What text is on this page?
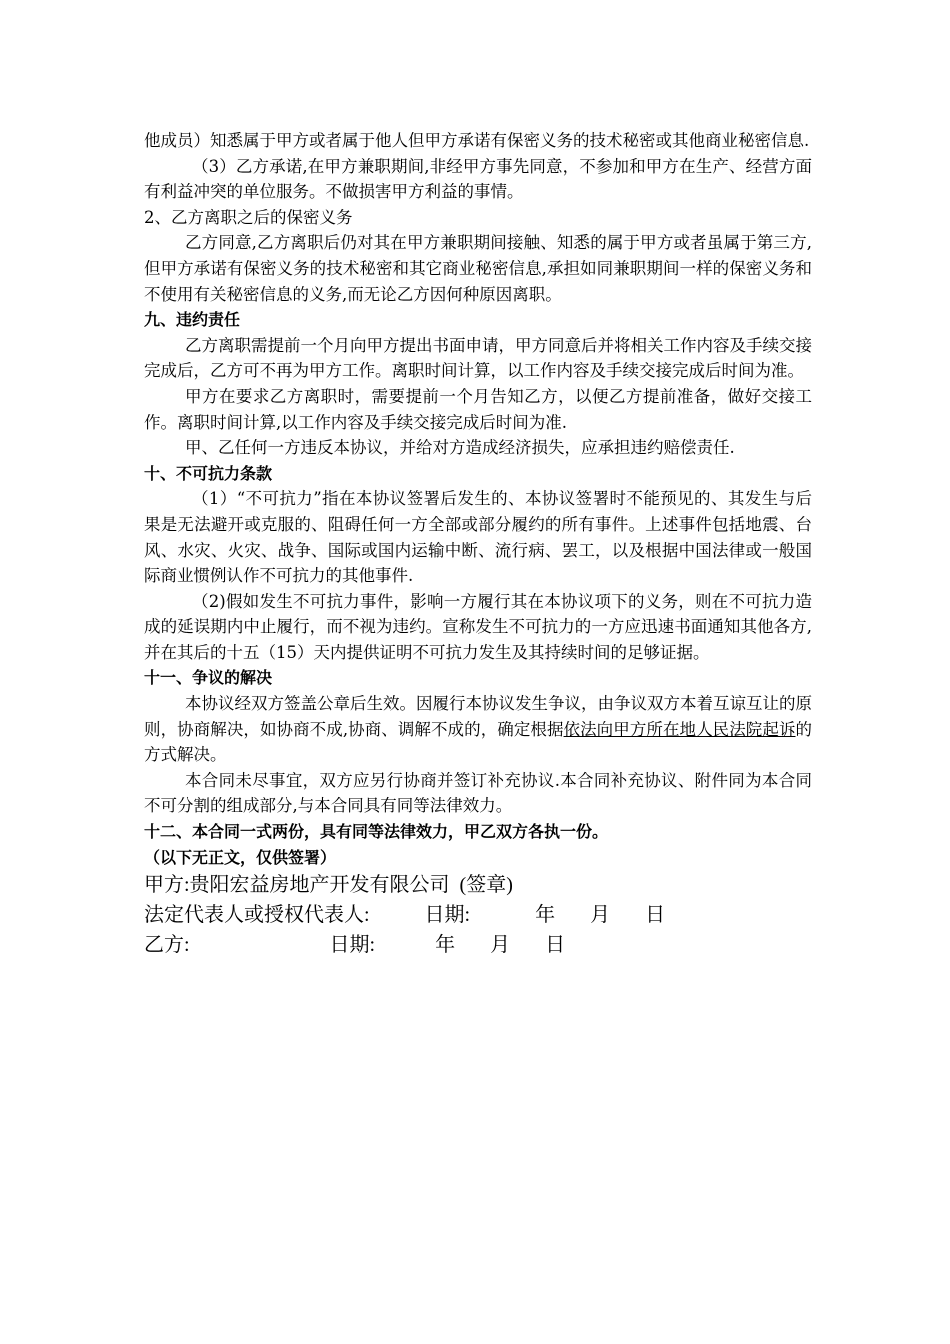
他成员）知悉属于甲方或者属于他人但甲方承诺有保密义务的技术秘密或其他商业秘密信息.

（3）乙方承诺,在甲方兼职期间,非经甲方事先同意，不参加和甲方在生产、经营方面有利益冲突的单位服务。不做损害甲方利益的事情。

2、乙方离职之后的保密义务

乙方同意,乙方离职后仍对其在甲方兼职期间接触、知悉的属于甲方或者虽属于第三方,但甲方承诺有保密义务的技术秘密和其它商业秘密信息,承担如同兼职期间一样的保密义务和不使用有关秘密信息的义务,而无论乙方因何种原因离职。

九、违约责任

乙方离职需提前一个月向甲方提出书面申请，甲方同意后并将相关工作内容及手续交接完成后，乙方可不再为甲方工作。离职时间计算，以工作内容及手续交接完成后时间为准。

甲方在要求乙方离职时，需要提前一个月告知乙方，以便乙方提前准备，做好交接工作。离职时间计算,以工作内容及手续交接完成后时间为准.

甲、乙任何一方违反本协议，并给对方造成经济损失，应承担违约赔偿责任.

十、不可抗力条款

（1）“不可抗力”指在本协议签署后发生的、本协议签署时不能预见的、其发生与后果是无法避开或克服的、阻碍任何一方全部或部分履约的所有事件。上述事件包括地震、台风、水灾、火灾、战争、国际或国内运输中断、流行病、罢工，以及根据中国法律或一般国际商业惯例认作不可抗力的其他事件.

（2)假如发生不可抗力事件，影响一方履行其在本协议项下的义务，则在不可抗力造成的延误期内中止履行，而不视为违约。宣称发生不可抗力的一方应迅速书面通知其他各方,并在其后的十五（15）天内提供证明不可抗力发生及其持续时间的足够证据。

十一、争议的解决

本协议经双方签盖公章后生效。因履行本协议发生争议，由争议双方本着互谅互让的原则，协商解决，如协商不成,协商、调解不成的，确定根据依法向甲方所在地人民法院起诉的方式解决。

本合同未尽事宜，双方应另行协商并签订补充协议.本合同补充协议、附件同为本合同不可分割的组成部分,与本合同具有同等法律效力。

十二、本合同一式两份，具有同等法律效力，甲乙双方各执一份。

（以下无正文，仅供签署）

甲方:贵阳宏益房地产开发有限公司  (签章)

法定代表人或授权代表人:           日期:             年       月       日

乙方:                            日期:            年       月       日
